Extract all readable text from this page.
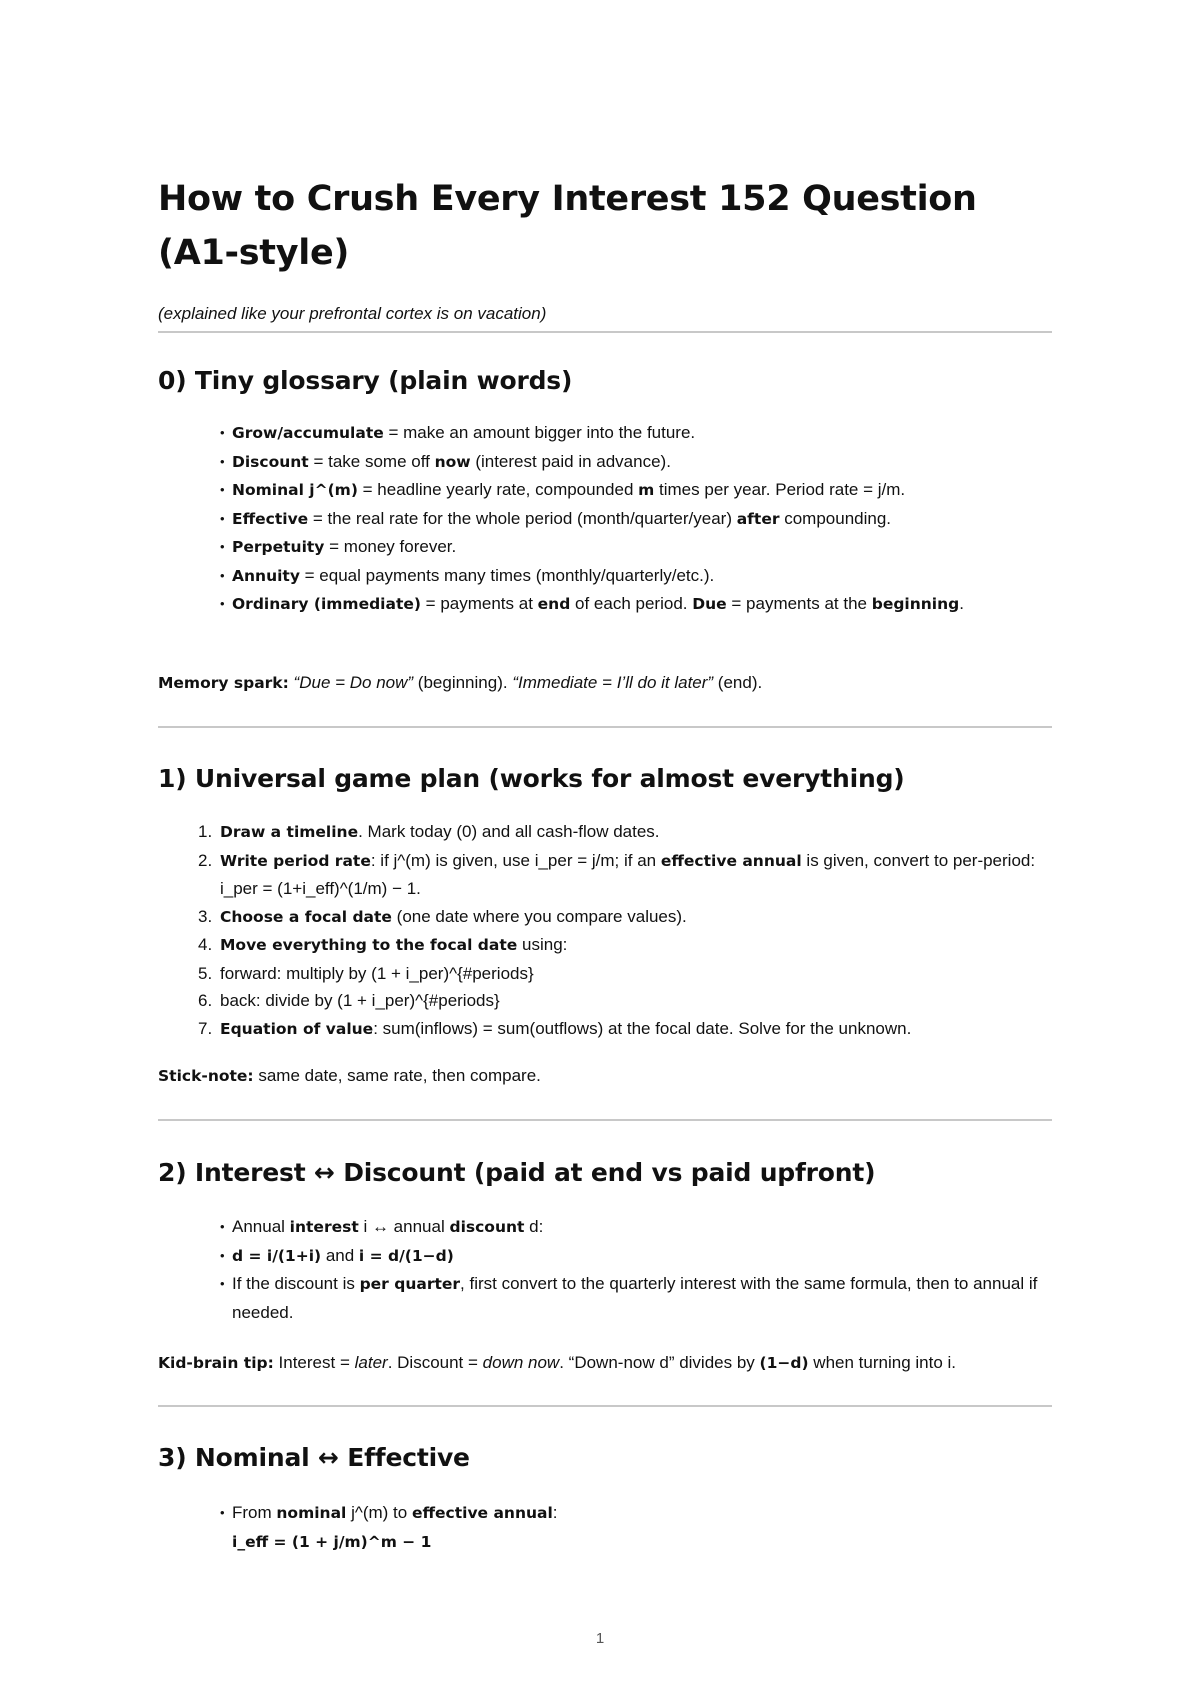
How to Crush Every Interest 152 Question (A1-style)

(explained like your prefrontal cortex is on vacation)

0) Tiny glossary (plain words)
• Grow/accumulate = make an amount bigger into the future.
• Discount = take some off now (interest paid in advance).
• Nominal j^(m) = headline yearly rate, compounded m times per year. Period rate = j/m.
• Effective = the real rate for the whole period (month/quarter/year) after compounding.
• Perpetuity = money forever.
• Annuity = equal payments many times (monthly/quarterly/etc.).
• Ordinary (immediate) = payments at end of each period. Due = payments at the beginning.

Memory spark: “Due = Do now” (beginning). “Immediate = I’ll do it later” (end).

1) Universal game plan (works for almost everything)
1. Draw a timeline. Mark today (0) and all cash-flow dates.
2. Write period rate: if j^(m) is given, use i_per = j/m; if an effective annual is given, convert to per-period: i_per = (1+i_eff)^(1/m) − 1.
3. Choose a focal date (one date where you compare values).
4. Move everything to the focal date using:
5. forward: multiply by (1 + i_per)^{#periods}
6. back: divide by (1 + i_per)^{#periods}
7. Equation of value: sum(inflows) = sum(outflows) at the focal date. Solve for the unknown.

Stick-note: same date, same rate, then compare.

2) Interest ↔ Discount (paid at end vs paid upfront)
• Annual interest i ↔ annual discount d:
• d = i/(1+i) and i = d/(1−d)
• If the discount is per quarter, first convert to the quarterly interest with the same formula, then to annual if needed.

Kid-brain tip: Interest = later. Discount = down now. “Down-now d” divides by (1−d) when turning into i.

3) Nominal ↔ Effective
• From nominal j^(m) to effective annual:
i_eff = (1 + j/m)^m − 1
1
